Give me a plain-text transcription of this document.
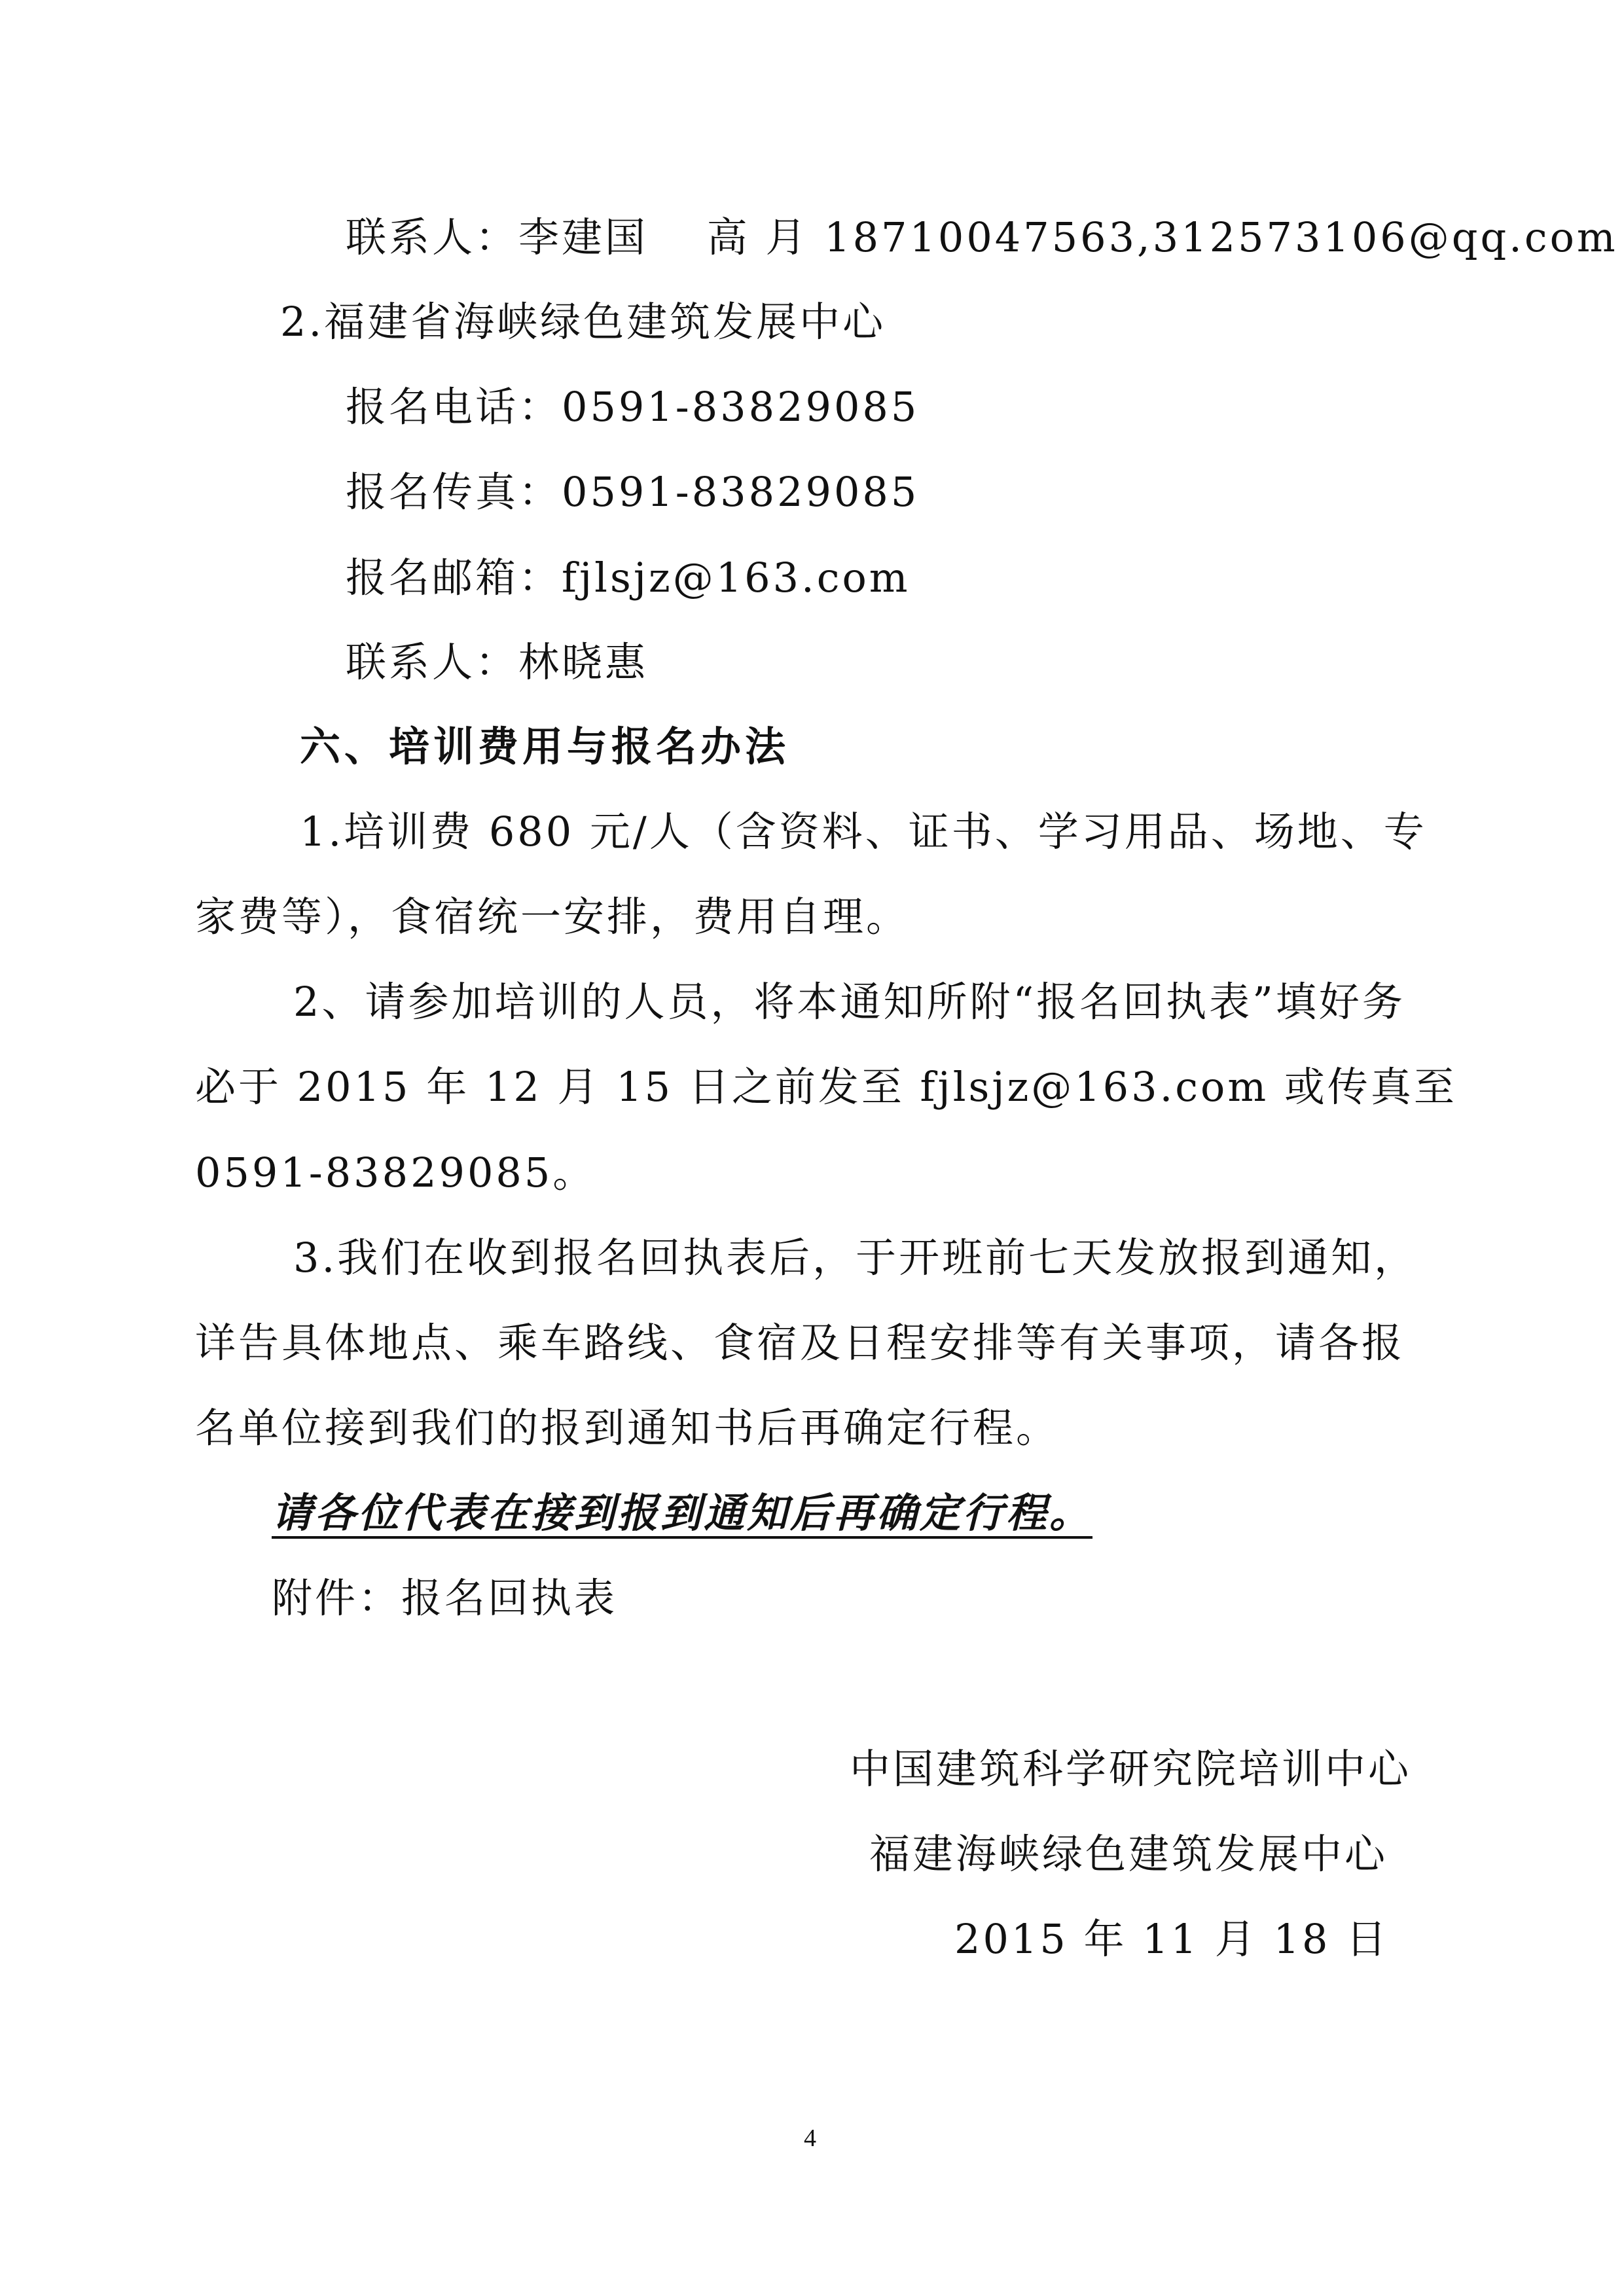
联系人：李建国　 高 月 18710047563,312573106@qq.com
2.福建省海峡绿色建筑发展中心
报名电话：0591-83829085
报名传真：0591-83829085
报名邮箱：fjlsjz@163.com
联系人：林晓惠
六、培训费用与报名办法
1.培训费 680 元/人（含资料、证书、学习用品、场地、专
家费等），食宿统一安排，费用自理。
2、请参加培训的人员，将本通知所附“报名回执表”填好务
必于 2015 年 12 月 15 日之前发至 fjlsjz@163.com 或传真至
0591-83829085。
3.我们在收到报名回执表后，于开班前七天发放报到通知，
详告具体地点、乘车路线、食宿及日程安排等有关事项，请各报
名单位接到我们的报到通知书后再确定行程。
请各位代表在接到报到通知后再确定行程。
附件：报名回执表
中国建筑科学研究院培训中心
福建海峡绿色建筑发展中心
2015 年 11 月 18 日
4
